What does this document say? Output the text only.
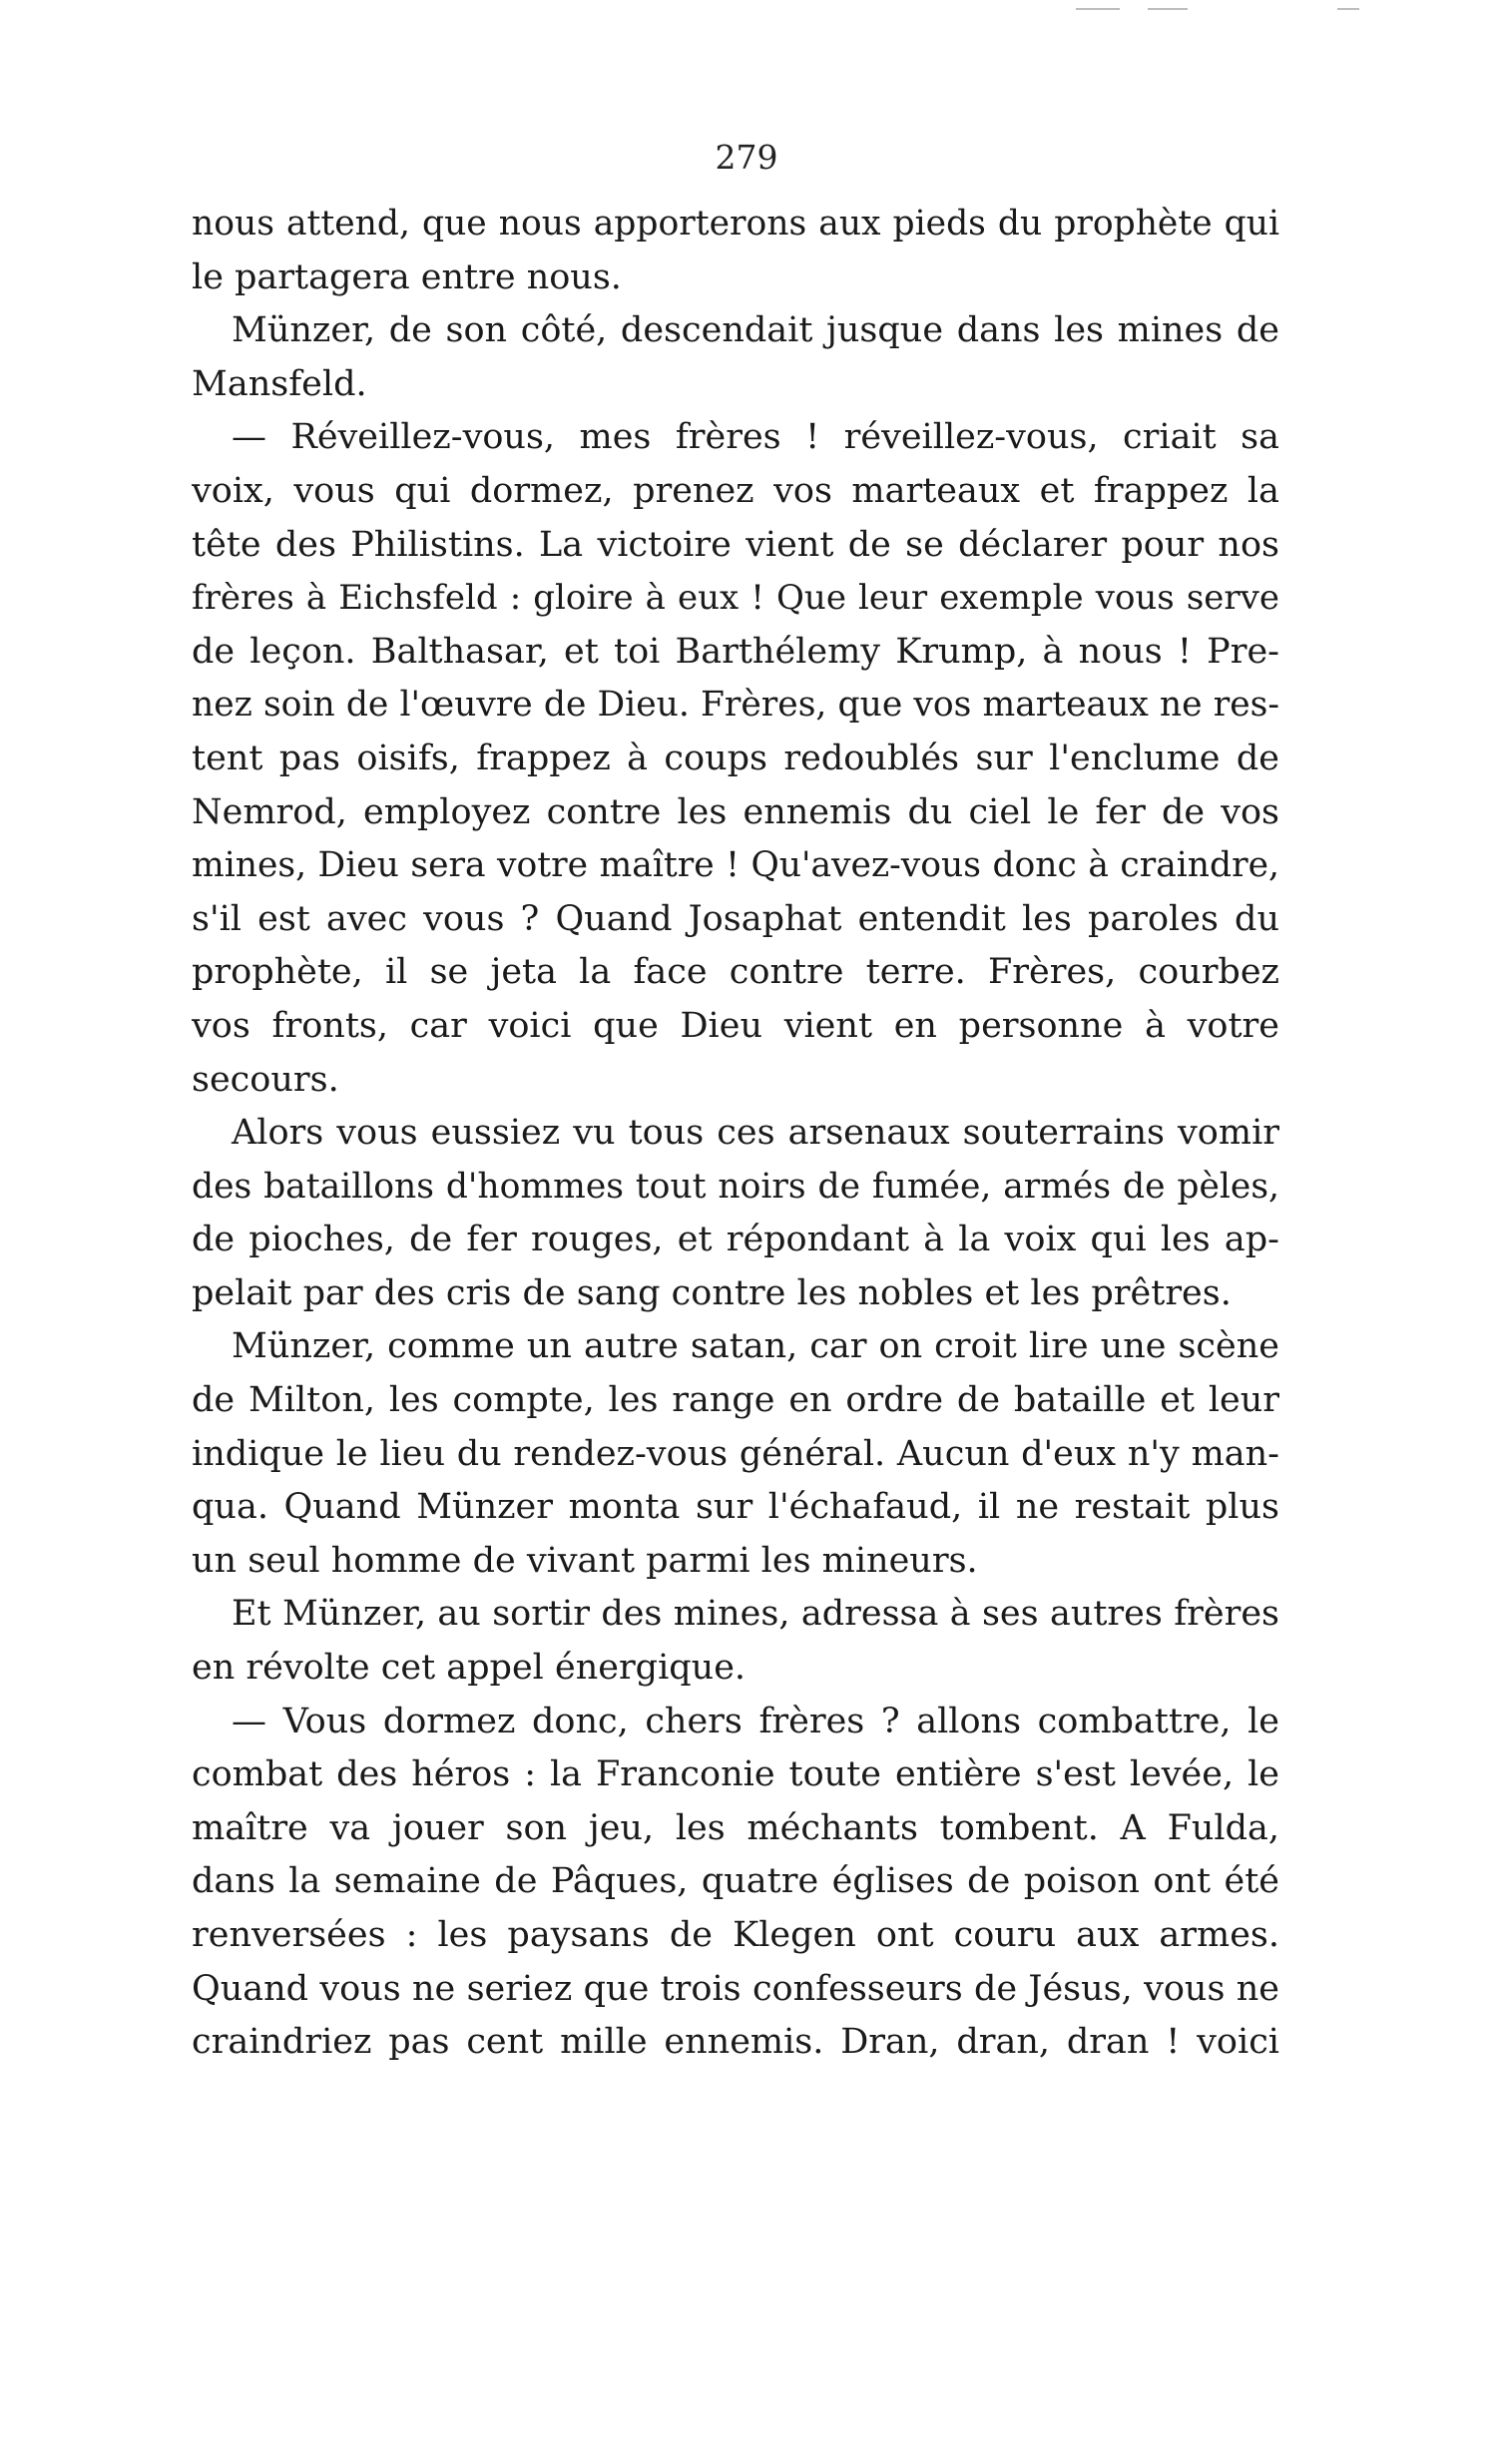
279
nous attend, que nous apporterons aux pieds du prophète qui
le partagera entre nous.
Münzer, de son côté, descendait jusque dans les mines de
Mansfeld.
— Réveillez-vous, mes frères ! réveillez-vous, criait sa
voix, vous qui dormez, prenez vos marteaux et frappez la
tête des Philistins. La victoire vient de se déclarer pour nos
frères à Eichsfeld : gloire à eux ! Que leur exemple vous serve
de leçon. Balthasar, et toi Barthélemy Krump, à nous ! Pre-
nez soin de l'œuvre de Dieu. Frères, que vos marteaux ne res-
tent pas oisifs, frappez à coups redoublés sur l'enclume de
Nemrod, employez contre les ennemis du ciel le fer de vos
mines, Dieu sera votre maître ! Qu'avez-vous donc à craindre,
s'il est avec vous ? Quand Josaphat entendit les paroles du
prophète, il se jeta la face contre terre. Frères, courbez
vos fronts, car voici que Dieu vient en personne à votre
secours.
Alors vous eussiez vu tous ces arsenaux souterrains vomir
des bataillons d'hommes tout noirs de fumée, armés de pèles,
de pioches, de fer rouges, et répondant à la voix qui les ap-
pelait par des cris de sang contre les nobles et les prêtres.
Münzer, comme un autre satan, car on croit lire une scène
de Milton, les compte, les range en ordre de bataille et leur
indique le lieu du rendez-vous général. Aucun d'eux n'y man-
qua. Quand Münzer monta sur l'échafaud, il ne restait plus
un seul homme de vivant parmi les mineurs.
Et Münzer, au sortir des mines, adressa à ses autres frères
en révolte cet appel énergique.
— Vous dormez donc, chers frères ? allons combattre, le
combat des héros : la Franconie toute entière s'est levée, le
maître va jouer son jeu, les méchants tombent. A Fulda,
dans la semaine de Pâques, quatre églises de poison ont été
renversées : les paysans de Klegen ont couru aux armes.
Quand vous ne seriez que trois confesseurs de Jésus, vous ne
craindriez pas cent mille ennemis. Dran, dran, dran ! voici
